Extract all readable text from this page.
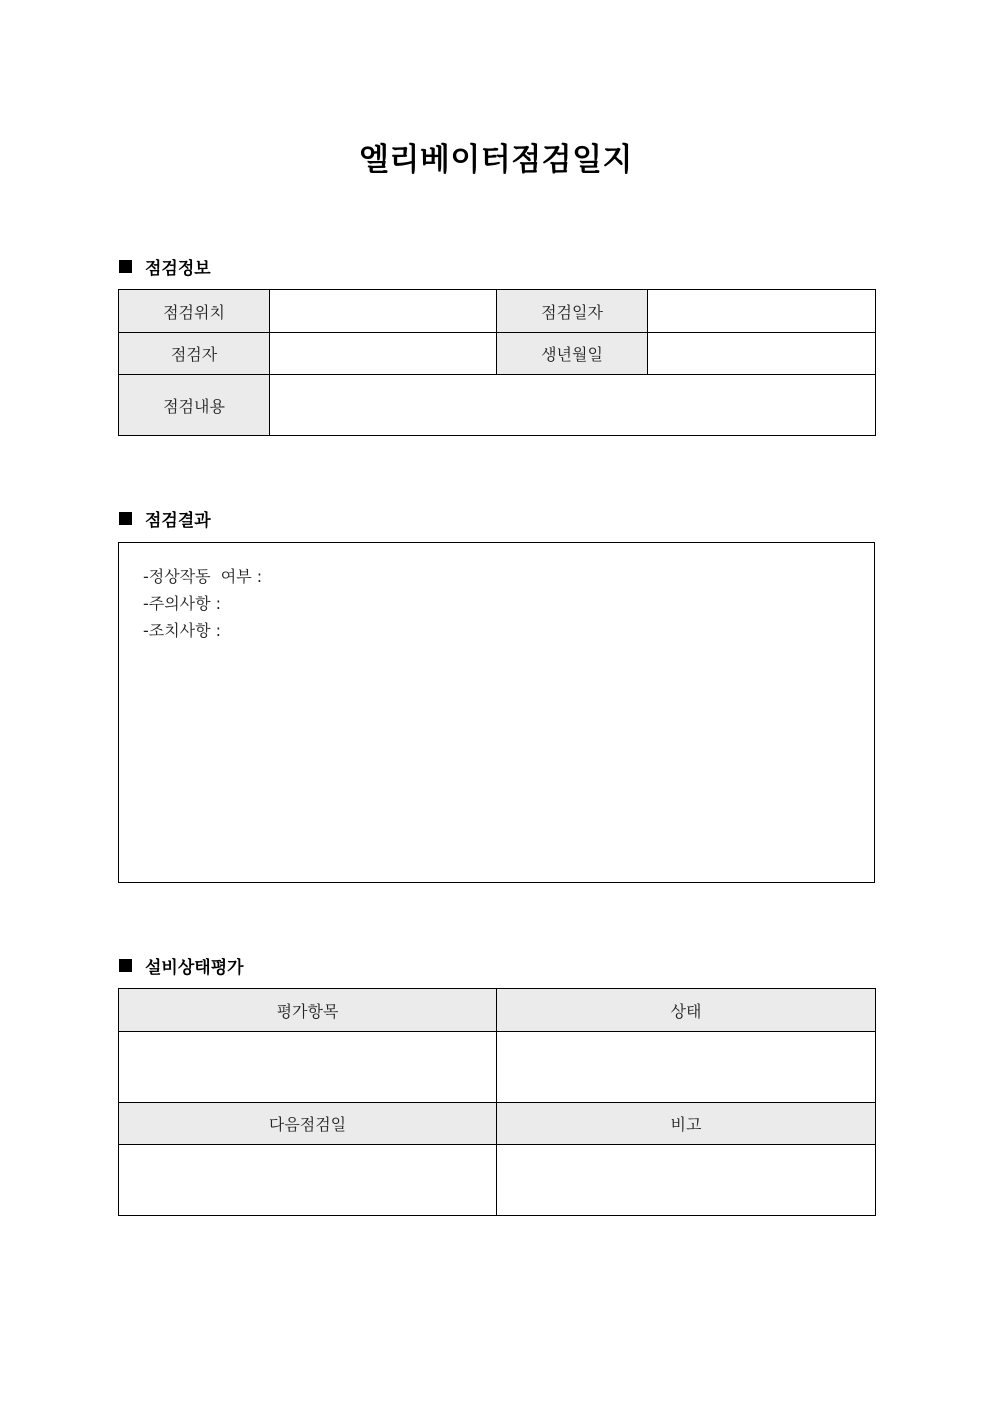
엘리베이터점검일지
점검정보
점검위치		점검일자	
점검자		생년월일	
점검내용			
점검결과
-정상작동  여부 :
-주의사항 :
-조치사항 :
설비상태평가
평가항목	상태

다음점검일	비고
